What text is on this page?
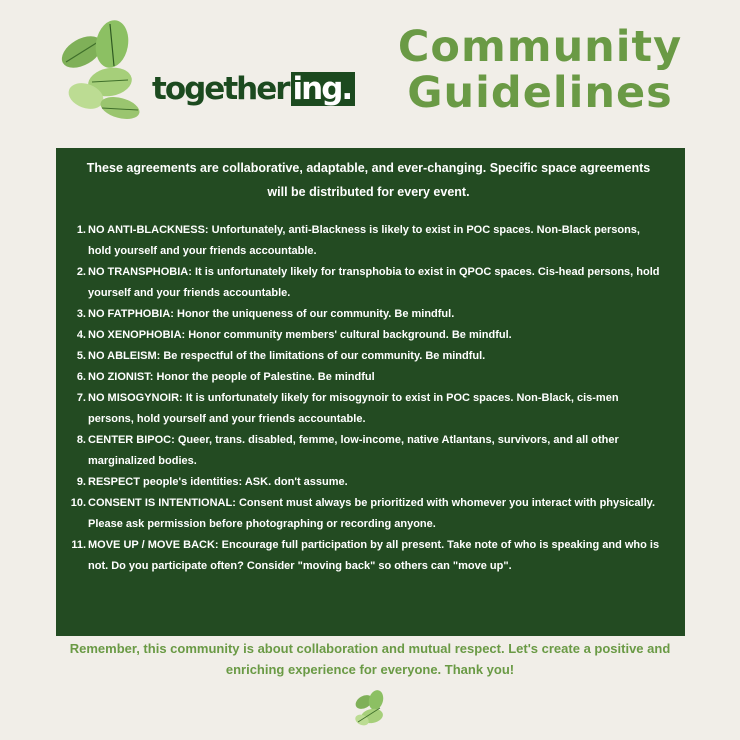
together ing.
Community
Guidelines
These agreements are collaborative, adaptable, and ever-changing. Specific space agreements will be distributed for every event.
1. NO ANTI-BLACKNESS: Unfortunately, anti-Blackness is likely to exist in POC spaces. Non-Black persons, hold yourself and your friends accountable.
2. NO TRANSPHOBIA: It is unfortunately likely for transphobia to exist in QPOC spaces. Cis-head persons, hold yourself and your friends accountable.
3. NO FATPHOBIA: Honor the uniqueness of our community. Be mindful.
4. NO XENOPHOBIA: Honor community members' cultural background. Be mindful.
5. NO ABLEISM: Be respectful of the limitations of our community. Be mindful.
6. NO ZIONIST: Honor the people of Palestine. Be mindful
7. NO MISOGYNOIR: It is unfortunately likely for misogynoir to exist in POC spaces. Non-Black, cis-men persons, hold yourself and your friends accountable.
8. CENTER BIPOC: Queer, trans. disabled, femme, low-income, native Atlantans, survivors, and all other marginalized bodies.
9. RESPECT people's identities: ASK. don't assume.
10. CONSENT IS INTENTIONAL: Consent must always be prioritized with whomever you interact with physically. Please ask permission before photographing or recording anyone.
11. MOVE UP / MOVE BACK: Encourage full participation by all present. Take note of who is speaking and who is not. Do you participate often? Consider "moving back" so others can "move up".
Remember, this community is about collaboration and mutual respect. Let's create a positive and enriching experience for everyone. Thank you!
